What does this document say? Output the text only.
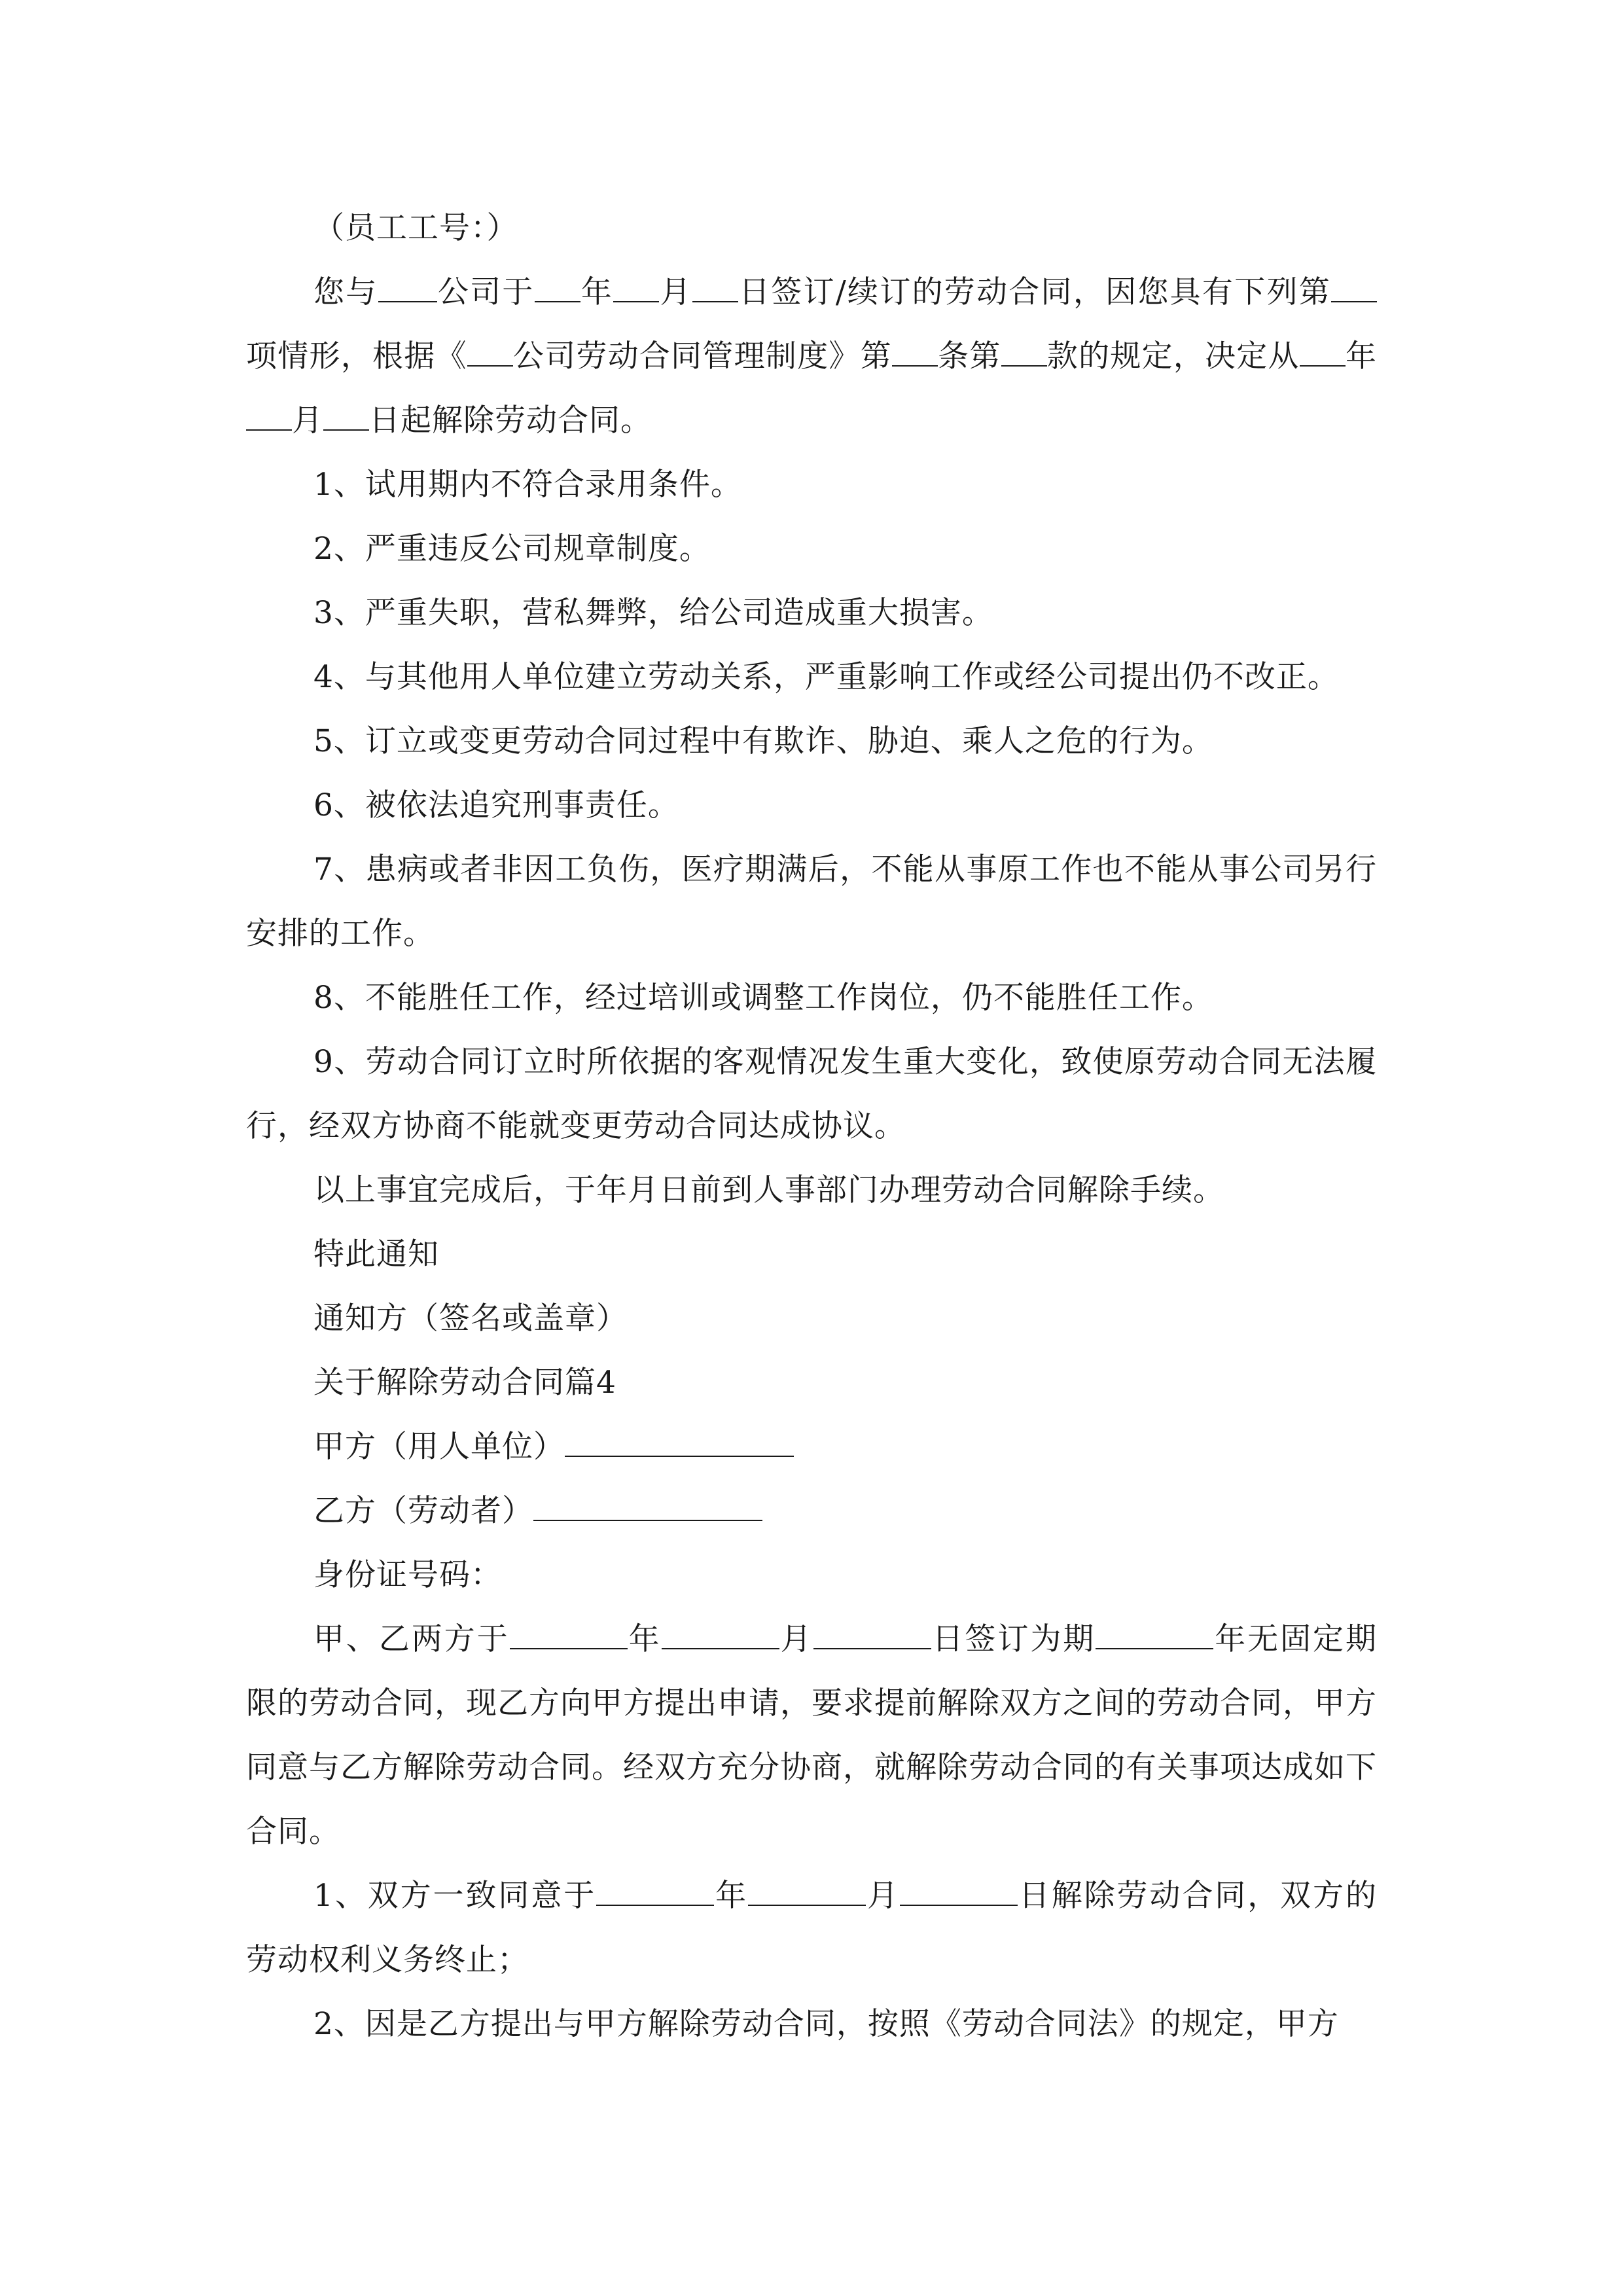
（员工工号：）

您与 公司于 年 月 日签订/续订的劳动合同，因您具有下列第项情形，根据《 公司劳动合同管理制度》第 条第 款的规定，决定从 年月 日起解除劳动合同。

1、试用期内不符合录用条件。

2、严重违反公司规章制度。

3、严重失职，营私舞弊，给公司造成重大损害。

4、与其他用人单位建立劳动关系，严重影响工作或经公司提出仍不改正。

5、订立或变更劳动合同过程中有欺诈、胁迫、乘人之危的行为。

6、被依法追究刑事责任。

7、患病或者非因工负伤，医疗期满后，不能从事原工作也不能从事公司另行安排的工作。

8、不能胜任工作，经过培训或调整工作岗位，仍不能胜任工作。

9、劳动合同订立时所依据的客观情况发生重大变化，致使原劳动合同无法履行，经双方协商不能就变更劳动合同达成协议。

以上事宜完成后，于年月日前到人事部门办理劳动合同解除手续。

特此通知

通知方（签名或盖章）

关于解除劳动合同篇4

甲方（用人单位）

乙方（劳动者）

身份证号码：

甲、乙两方于	年	月	日签订为期	年无固定期限的劳动合同，现乙方向甲方提出申请，要求提前解除双方之间的劳动合同，甲方同意与乙方解除劳动合同。经双方充分协商，就解除劳动合同的有关事项达成如下合同。

1、双方一致同意于	年	月	日解除劳动合同，双方的劳动权利义务终止；

2、因是乙方提出与甲方解除劳动合同，按照《劳动合同法》的规定，甲方
